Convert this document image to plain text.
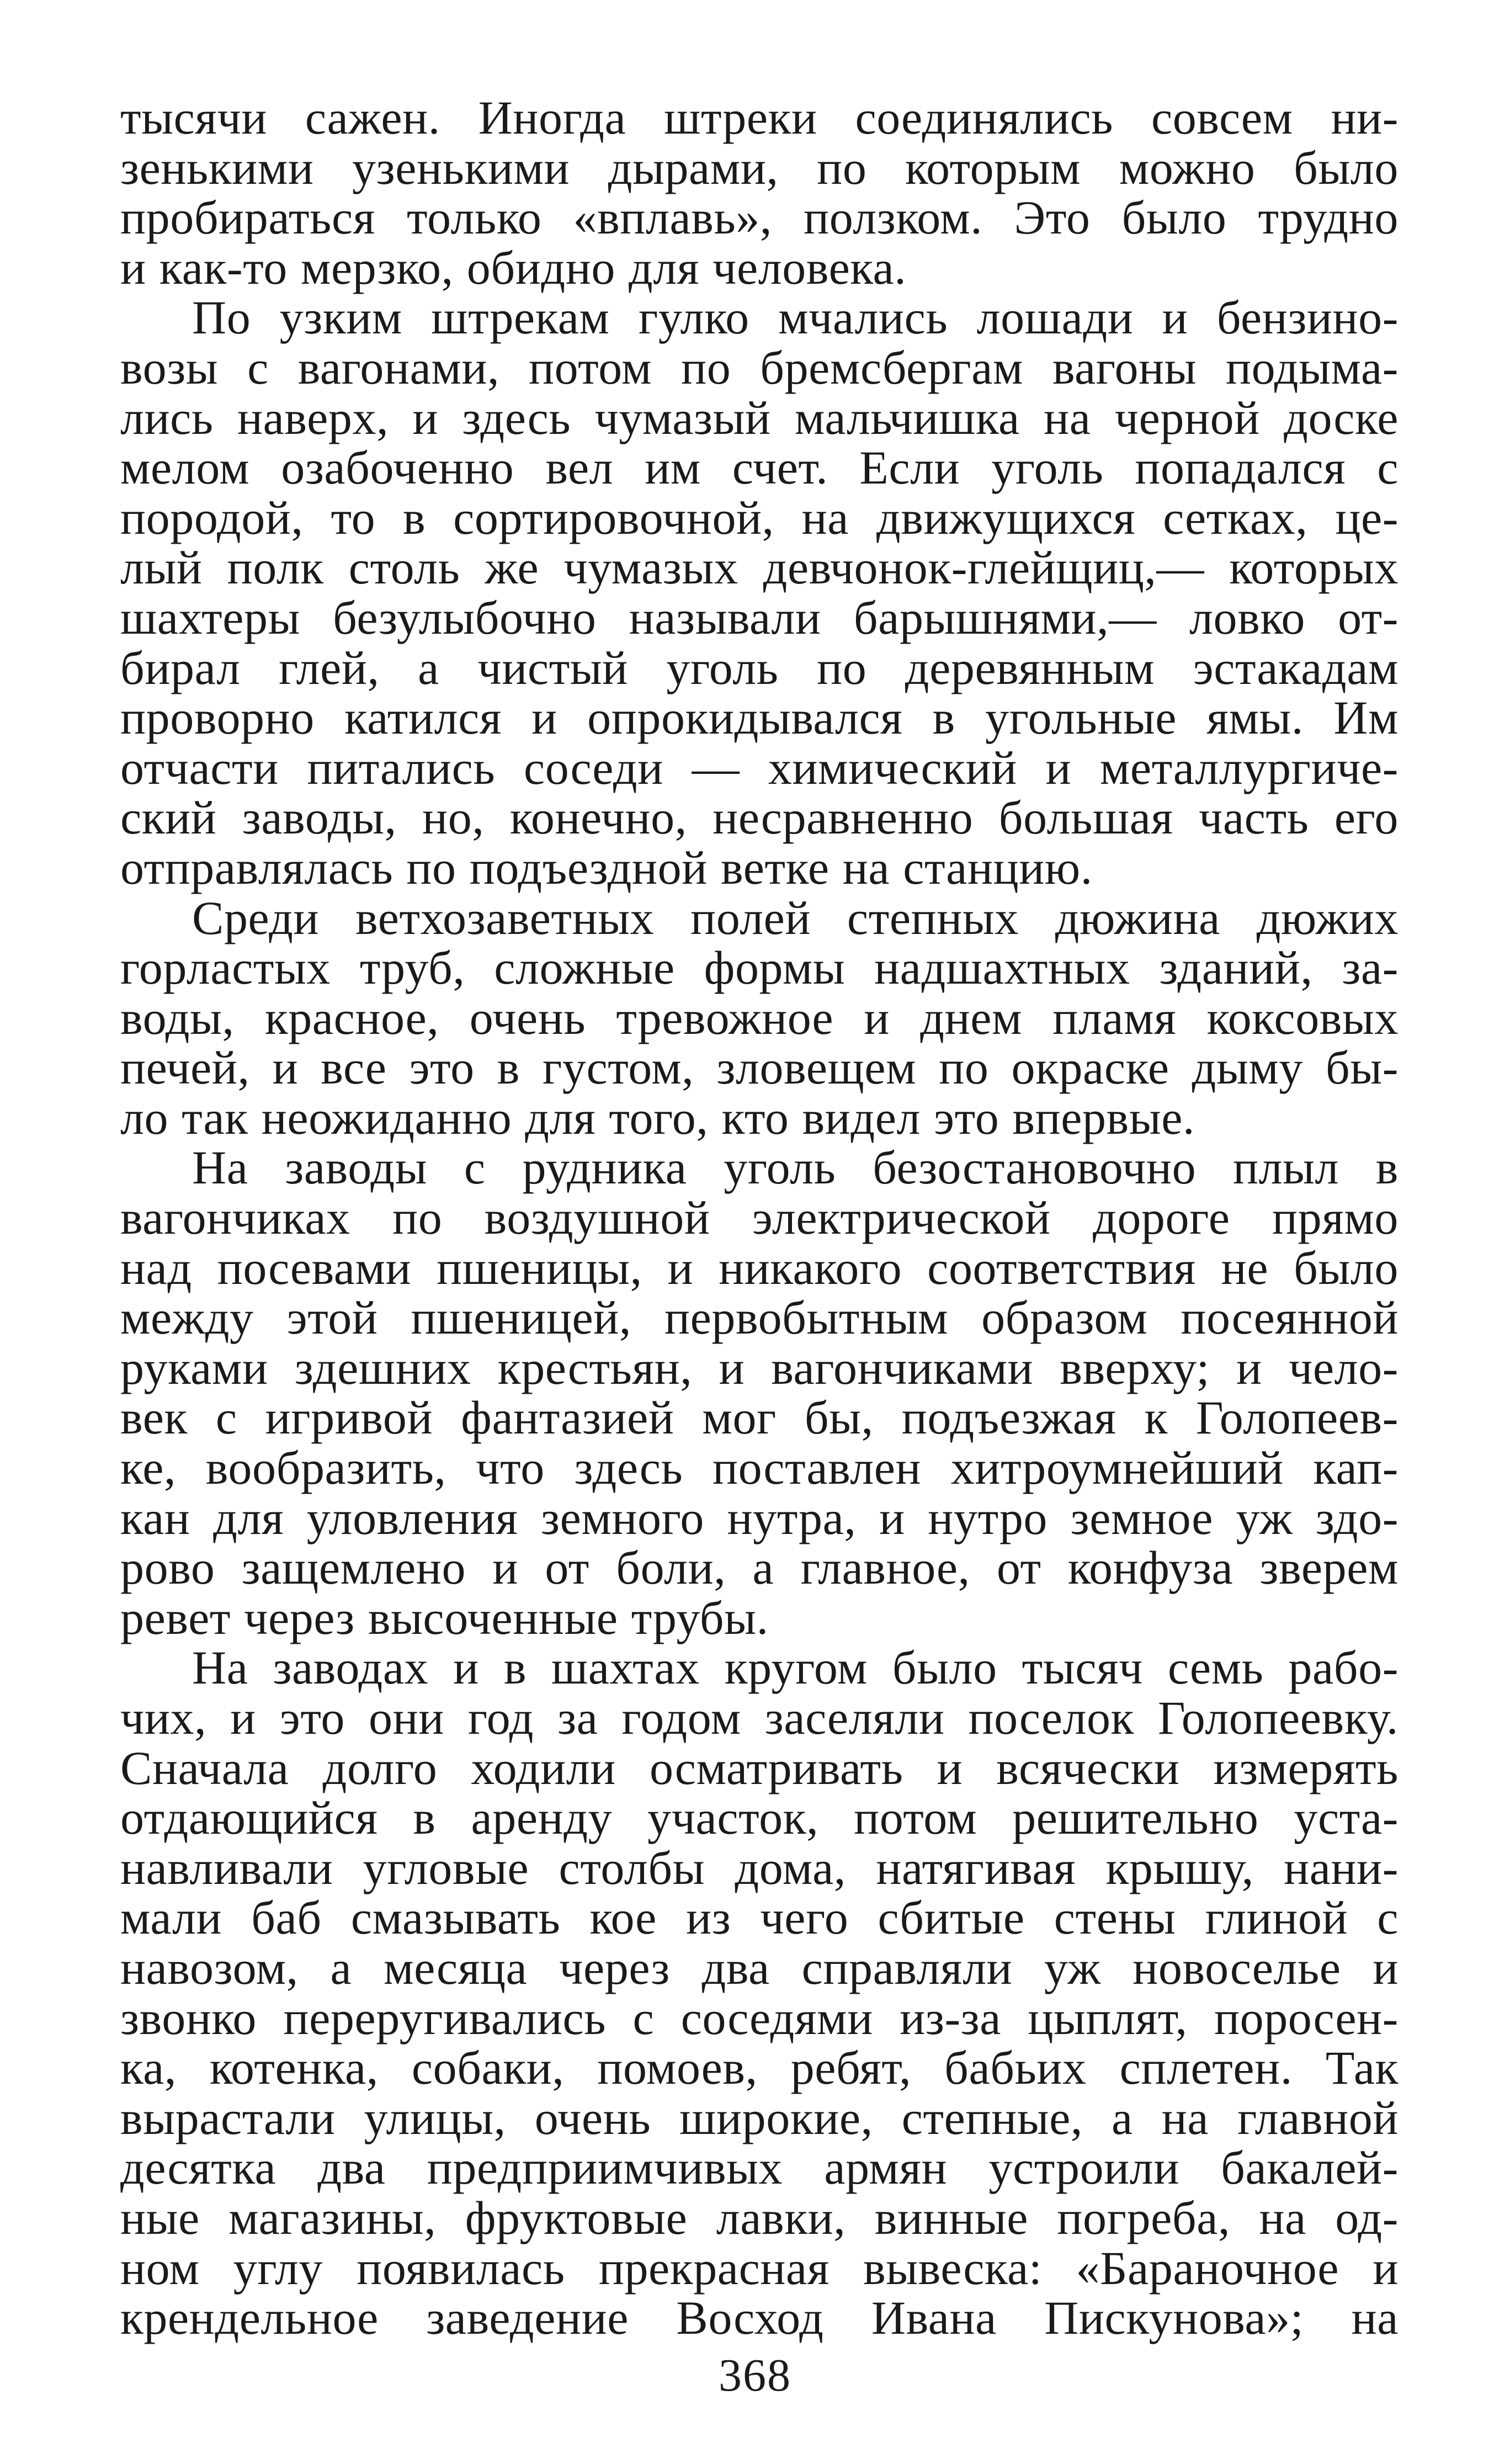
тысячи сажен. Иногда штреки соединялись совсем ни-
зенькими узенькими дырами, по которым можно было
пробираться только «вплавь», ползком. Это было трудно
и как-то мерзко, обидно для человека.
По узким штрекам гулко мчались лошади и бензино-
возы с вагонами, потом по бремсбергам вагоны подыма-
лись наверх, и здесь чумазый мальчишка на черной доске
мелом озабоченно вел им счет. Если уголь попадался с
породой, то в сортировочной, на движущихся сетках, це-
лый полк столь же чумазых девчонок-глейщиц,— которых
шахтеры безулыбочно называли барышнями,— ловко от-
бирал глей, а чистый уголь по деревянным эстакадам
проворно катился и опрокидывался в угольные ямы. Им
отчасти питались соседи — химический и металлургиче-
ский заводы, но, конечно, несравненно большая часть его
отправлялась по подъездной ветке на станцию.
Среди ветхозаветных полей степных дюжина дюжих
горластых труб, сложные формы надшахтных зданий, за-
воды, красное, очень тревожное и днем пламя коксовых
печей, и все это в густом, зловещем по окраске дыму бы-
ло так неожиданно для того, кто видел это впервые.
На заводы с рудника уголь безостановочно плыл в
вагончиках по воздушной электрической дороге прямо
над посевами пшеницы, и никакого соответствия не было
между этой пшеницей, первобытным образом посеянной
руками здешних крестьян, и вагончиками вверху; и чело-
век с игривой фантазией мог бы, подъезжая к Голопеев-
ке, вообразить, что здесь поставлен хитроумнейший кап-
кан для уловления земного нутра, и нутро земное уж здо-
рово защемлено и от боли, а главное, от конфуза зверем
ревет через высоченные трубы.
На заводах и в шахтах кругом было тысяч семь рабо-
чих, и это они год за годом заселяли поселок Голопеевку.
Сначала долго ходили осматривать и всячески измерять
отдающийся в аренду участок, потом решительно уста-
навливали угловые столбы дома, натягивая крышу, нани-
мали баб смазывать кое из чего сбитые стены глиной с
навозом, а месяца через два справляли уж новоселье и
звонко переругивались с соседями из-за цыплят, поросен-
ка, котенка, собаки, помоев, ребят, бабьих сплетен. Так
вырастали улицы, очень широкие, степные, а на главной
десятка два предприимчивых армян устроили бакалей-
ные магазины, фруктовые лавки, винные погреба, на од-
ном углу появилась прекрасная вывеска: «Бараночное и
крендельное заведение Восход Ивана Пискунова»; на
368
